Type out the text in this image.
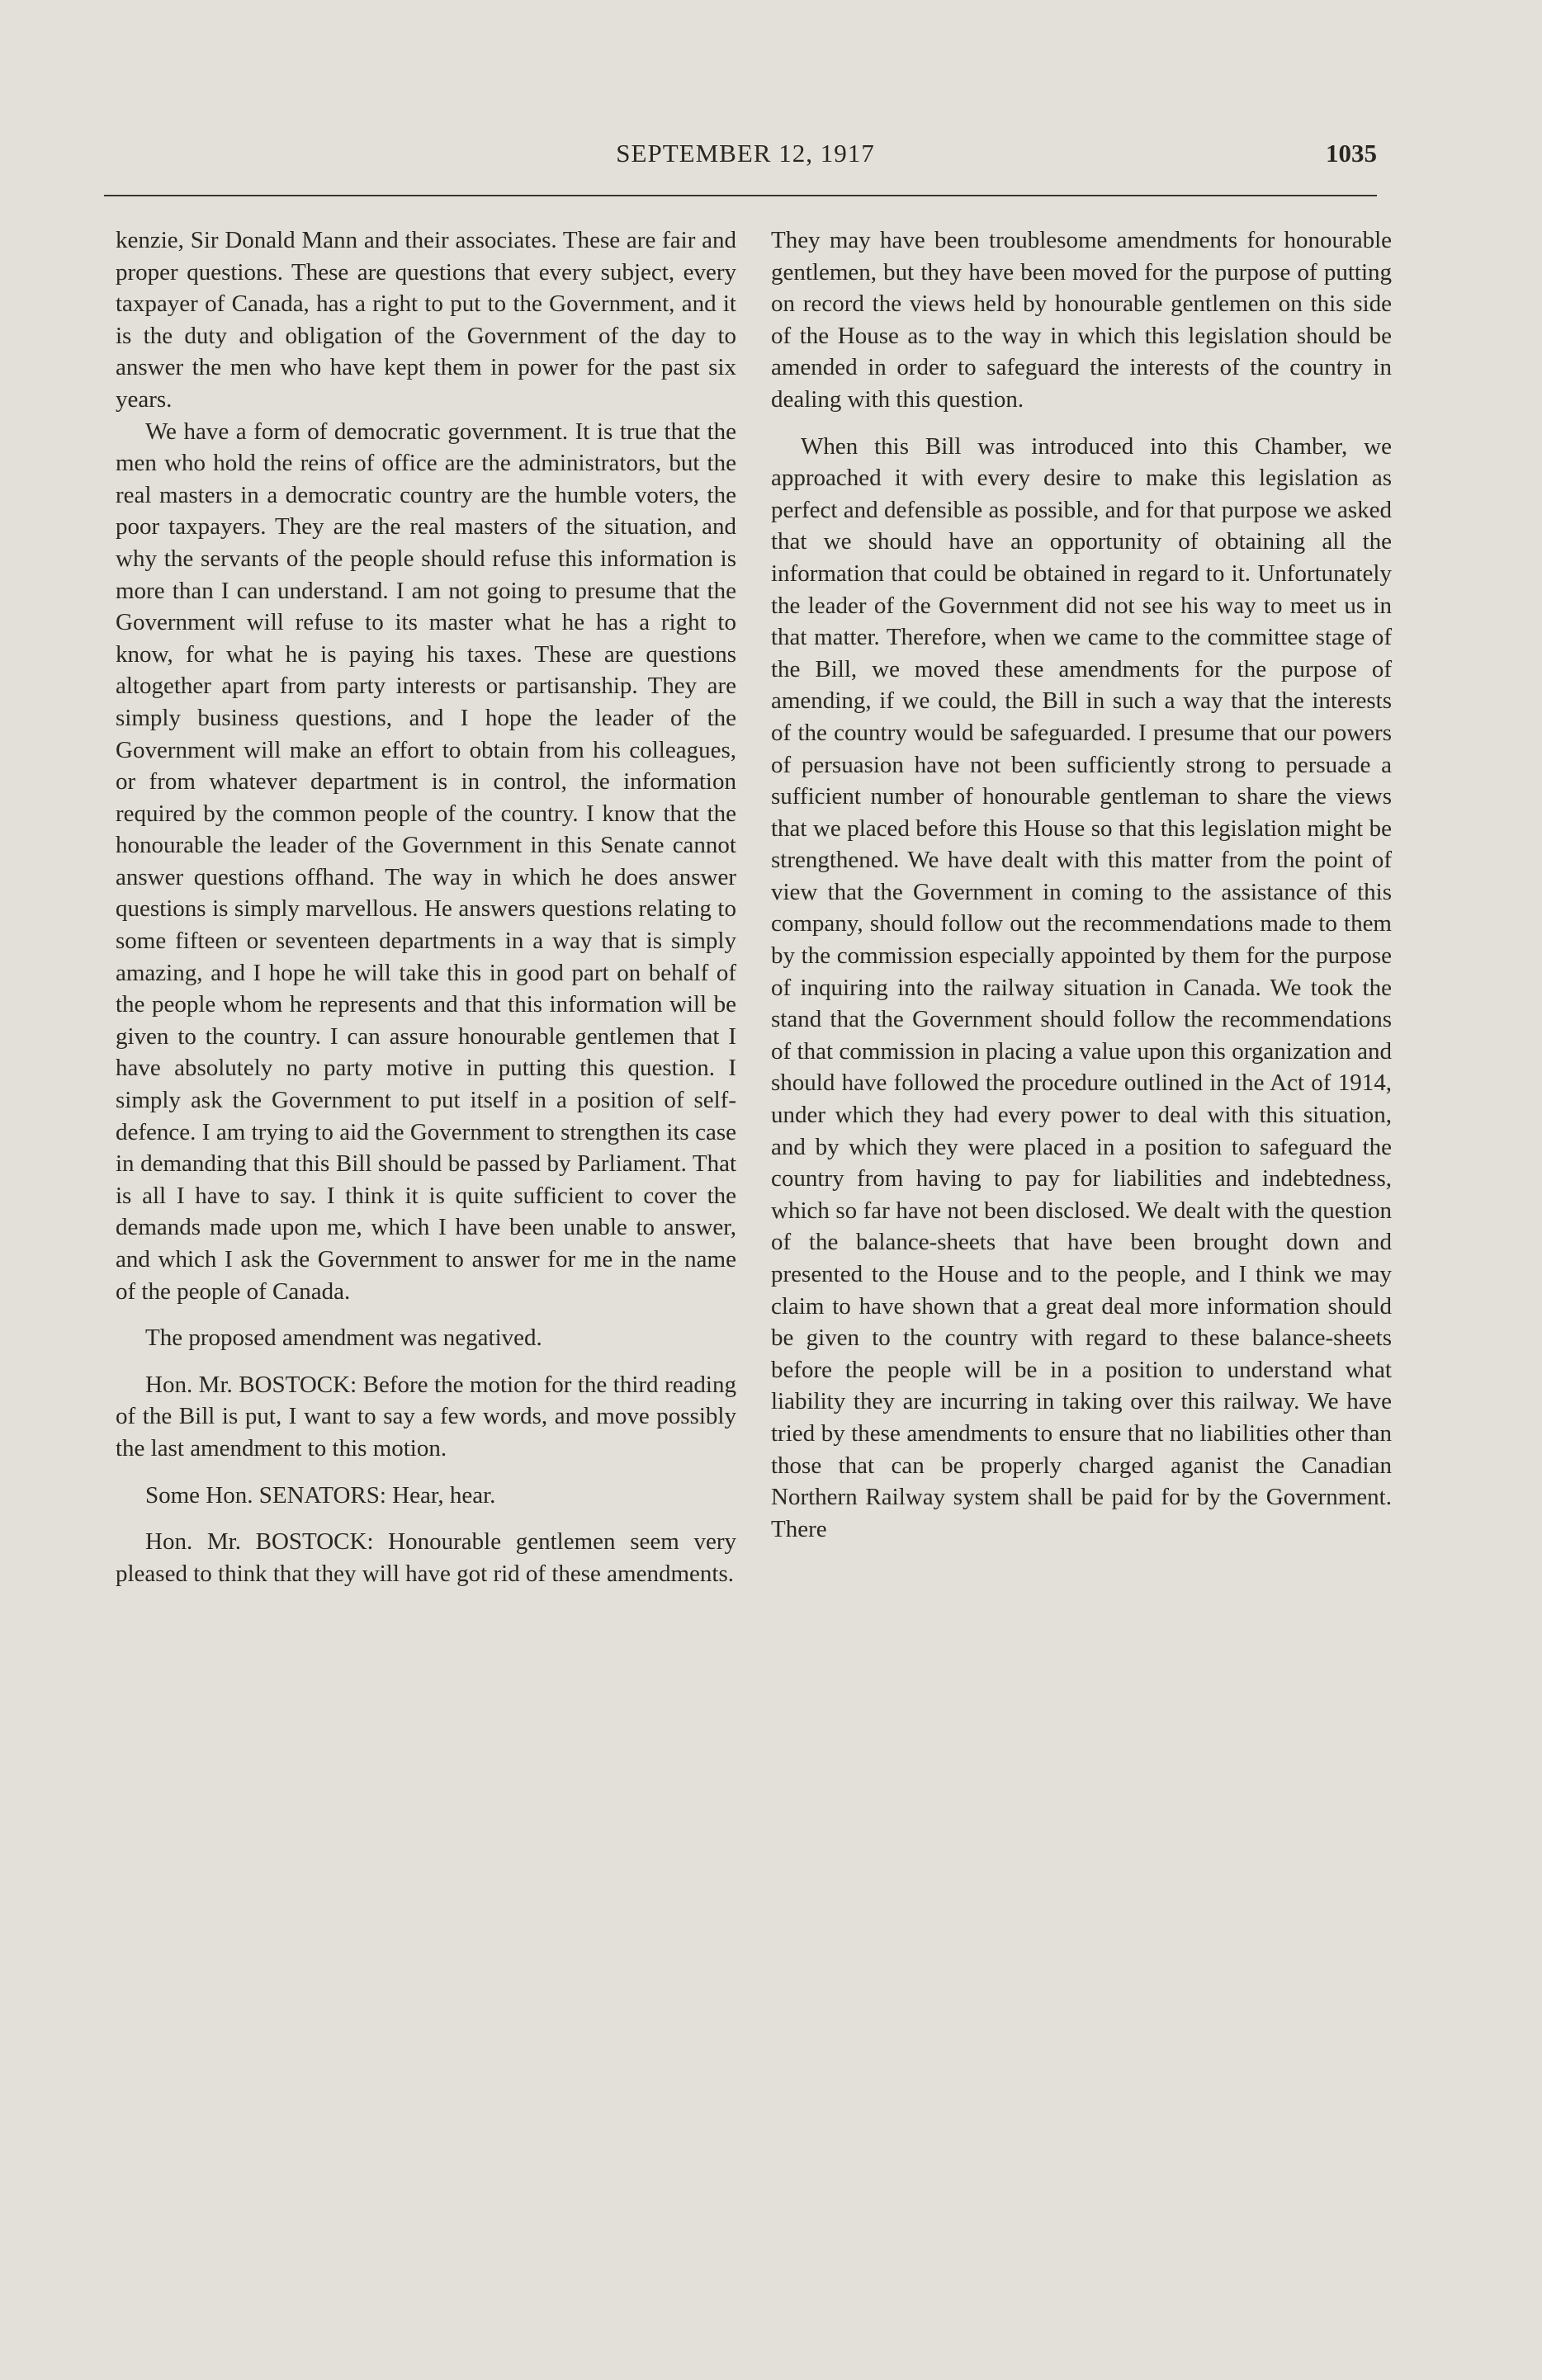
SEPTEMBER 12, 1917	1035

kenzie, Sir Donald Mann and their associates. These are fair and proper questions. These are questions that every subject, every taxpayer of Canada, has a right to put to the Government, and it is the duty and obligation of the Government of the day to answer the men who have kept them in power for the past six years.

We have a form of democratic government. It is true that the men who hold the reins of office are the administrators, but the real masters in a democratic country are the humble voters, the poor taxpayers. They are the real masters of the situation, and why the servants of the people should refuse this information is more than I can understand. I am not going to presume that the Government will refuse to its master what he has a right to know, for what he is paying his taxes. These are questions altogether apart from party interests or partisanship. They are simply business questions, and I hope the leader of the Government will make an effort to obtain from his colleagues, or from whatever department is in control, the information required by the common people of the country. I know that the honourable the leader of the Government in this Senate cannot answer questions offhand. The way in which he does answer questions is simply marvellous. He answers questions relating to some fifteen or seventeen departments in a way that is simply amazing, and I hope he will take this in good part on behalf of the people whom he represents and that this information will be given to the country. I can assure honourable gentlemen that I have absolutely no party motive in putting this question. I simply ask the Government to put itself in a position of self-defence. I am trying to aid the Government to strengthen its case in demanding that this Bill should be passed by Parliament. That is all I have to say. I think it is quite sufficient to cover the demands made upon me, which I have been unable to answer, and which I ask the Government to answer for me in the name of the people of Canada.

The proposed amendment was negatived.

Hon. Mr. BOSTOCK: Before the motion for the third reading of the Bill is put, I want to say a few words, and move possibly the last amendment to this motion.

Some Hon. SENATORS: Hear, hear.

Hon. Mr. BOSTOCK: Honourable gentlemen seem very pleased to think that they will have got rid of these amendments.

They may have been troublesome amendments for honourable gentlemen, but they have been moved for the purpose of putting on record the views held by honourable gentlemen on this side of the House as to the way in which this legislation should be amended in order to safeguard the interests of the country in dealing with this question.

When this Bill was introduced into this Chamber, we approached it with every desire to make this legislation as perfect and defensible as possible, and for that purpose we asked that we should have an opportunity of obtaining all the information that could be obtained in regard to it. Unfortunately the leader of the Government did not see his way to meet us in that matter. Therefore, when we came to the committee stage of the Bill, we moved these amendments for the purpose of amending, if we could, the Bill in such a way that the interests of the country would be safeguarded. I presume that our powers of persuasion have not been sufficiently strong to persuade a sufficient number of honourable gentleman to share the views that we placed before this House so that this legislation might be strengthened. We have dealt with this matter from the point of view that the Government in coming to the assistance of this company, should follow out the recommendations made to them by the commission especially appointed by them for the purpose of inquiring into the railway situation in Canada. We took the stand that the Government should follow the recommendations of that commission in placing a value upon this organization and should have followed the procedure outlined in the Act of 1914, under which they had every power to deal with this situation, and by which they were placed in a position to safeguard the country from having to pay for liabilities and indebtedness, which so far have not been disclosed. We dealt with the question of the balance-sheets that have been brought down and presented to the House and to the people, and I think we may claim to have shown that a great deal more information should be given to the country with regard to these balance-sheets before the people will be in a position to understand what liability they are incurring in taking over this railway. We have tried by these amendments to ensure that no liabilities other than those that can be properly charged aganist the Canadian Northern Railway system shall be paid for by the Government. There
